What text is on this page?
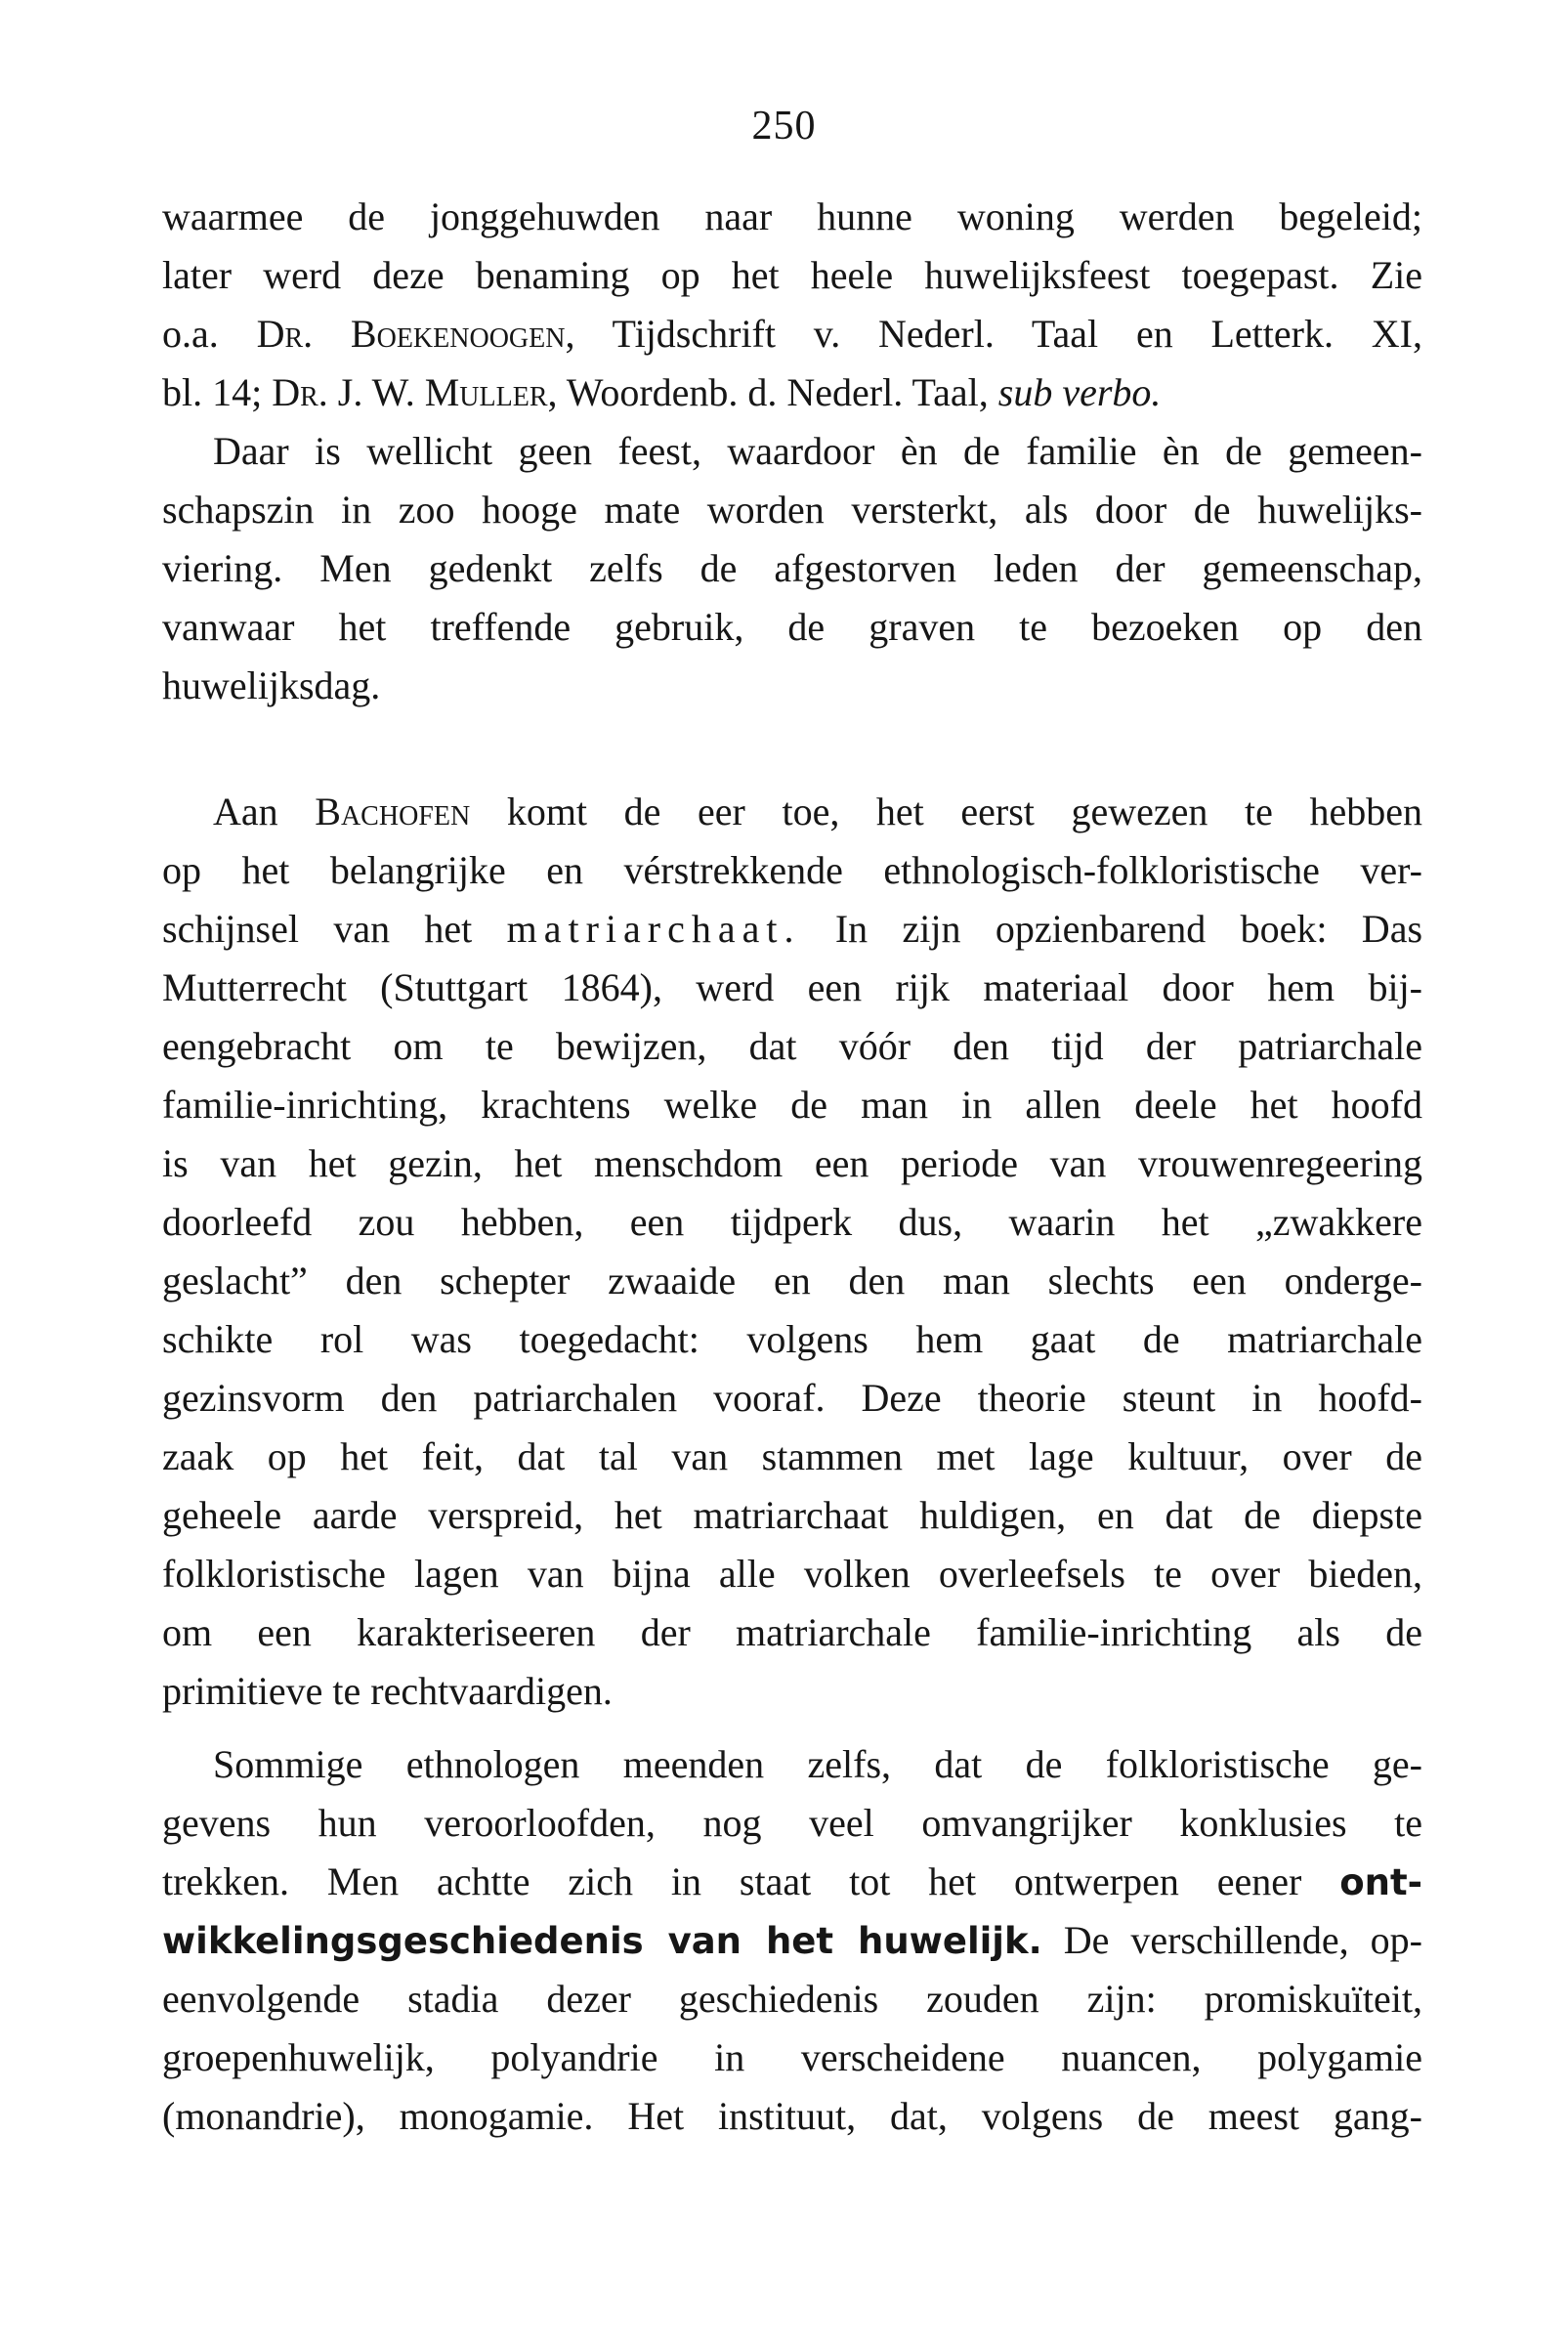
250
waarmee de jonggehuwden naar hunne woning werden begeleid;
later werd deze benaming op het heele huwelijksfeest toegepast. Zie
o.a. Dr. Boekenoogen, Tijdschrift v. Nederl. Taal en Letterk. XI,
bl. 14; Dr. J. W. Muller, Woordenb. d. Nederl. Taal, sub verbo.
Daar is wellicht geen feest, waardoor èn de familie èn de gemeen-
schapszin in zoo hooge mate worden versterkt, als door de huwelijks-
viering. Men gedenkt zelfs de afgestorven leden der gemeenschap,
vanwaar het treffende gebruik, de graven te bezoeken op den
huwelijksdag.
Aan Bachofen komt de eer toe, het eerst gewezen te hebben
op het belangrijke en vérstrekkende ethnologisch-folkloristische ver-
schijnsel van het matriarchaat. In zijn opzienbarend boek: Das
Mutterrecht (Stuttgart 1864), werd een rijk materiaal door hem bij-
eengebracht om te bewijzen, dat vóór den tijd der patriarchale
familie-inrichting, krachtens welke de man in allen deele het hoofd
is van het gezin, het menschdom een periode van vrouwenregeering
doorleefd zou hebben, een tijdperk dus, waarin het „zwakkere
geslacht” den schepter zwaaide en den man slechts een onderge-
schikte rol was toegedacht: volgens hem gaat de matriarchale
gezinsvorm den patriarchalen vooraf. Deze theorie steunt in hoofd-
zaak op het feit, dat tal van stammen met lage kultuur, over de
geheele aarde verspreid, het matriarchaat huldigen, en dat de diepste
folkloristische lagen van bijna alle volken overleefsels te over bieden,
om een karakteriseeren der matriarchale familie-inrichting als de
primitieve te rechtvaardigen.
Sommige ethnologen meenden zelfs, dat de folkloristische ge-
gevens hun veroorloofden, nog veel omvangrijker konklusies te
trekken. Men achtte zich in staat tot het ontwerpen eener ont-
wikkelingsgeschiedenis van het huwelijk. De verschillende, op-
eenvolgende stadia dezer geschiedenis zouden zijn: promiskuïteit,
groepenhuwelijk, polyandrie in verscheidene nuancen, polygamie
(monandrie), monogamie. Het instituut, dat, volgens de meest gang-
